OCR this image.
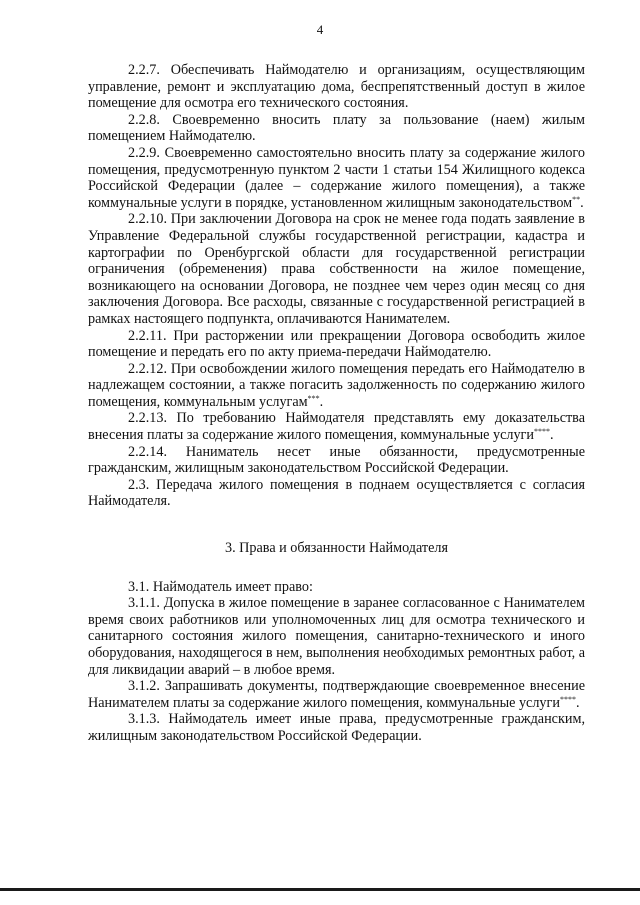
4

2.2.7. Обеспечивать Наймодателю и организациям, осуществляющим управление, ремонт и эксплуатацию дома, беспрепятственный доступ в жилое помещение для осмотра его технического состояния.

2.2.8. Своевременно вносить плату за пользование (наем) жилым помещением Наймодателю.

2.2.9. Своевременно самостоятельно вносить плату за содержание жилого помещения, предусмотренную пунктом 2 части 1 статьи 154 Жилищного кодекса Российской Федерации (далее – содержание жилого помещения), а также коммунальные услуги в порядке, установленном жилищным законодательством**.

2.2.10. При заключении Договора на срок не менее года подать заявление в Управление Федеральной службы государственной регистрации, кадастра и картографии по Оренбургской области для государственной регистрации ограничения (обременения) права собственности на жилое помещение, возникающего на основании Договора, не позднее чем через один месяц со дня заключения Договора. Все расходы, связанные с государственной регистрацией в рамках настоящего подпункта, оплачиваются Нанимателем.

2.2.11. При расторжении или прекращении Договора освободить жилое помещение и передать его по акту приема-передачи Наймодателю.

2.2.12. При освобождении жилого помещения передать его Наймодателю в надлежащем состоянии, а также погасить задолженность по содержанию жилого помещения, коммунальным услугам***.

2.2.13. По требованию Наймодателя представлять ему доказательства внесения платы за содержание жилого помещения, коммунальные услуги****.

2.2.14. Наниматель несет иные обязанности, предусмотренные гражданским, жилищным законодательством Российской Федерации.

2.3. Передача жилого помещения в поднаем осуществляется с согласия Наймодателя.

3. Права и обязанности Наймодателя

3.1. Наймодатель имеет право:

3.1.1. Допуска в жилое помещение в заранее согласованное с Нанимателем время своих работников или уполномоченных лиц для осмотра технического и санитарного состояния жилого помещения, санитарно-технического и иного оборудования, находящегося в нем, выполнения необходимых ремонтных работ, а для ликвидации аварий – в любое время.

3.1.2. Запрашивать документы, подтверждающие своевременное внесение Нанимателем платы за содержание жилого помещения, коммунальные услуги****.

3.1.3. Наймодатель имеет иные права, предусмотренные гражданским, жилищным законодательством Российской Федерации.
